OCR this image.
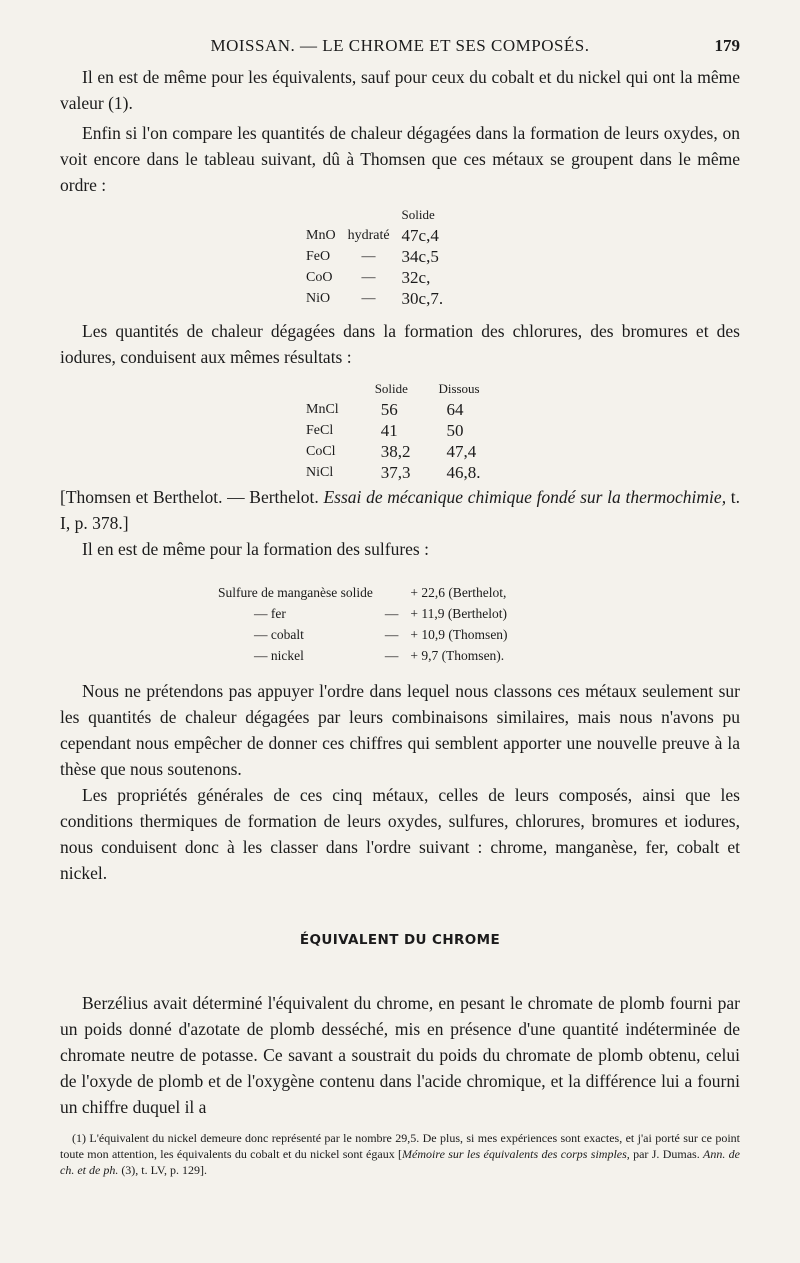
MOISSAN. — LE CHROME ET SES COMPOSÉS.	179

Il en est de même pour les équivalents, sauf pour ceux du cobalt et du nickel qui ont la même valeur (1).

Enfin si l'on compare les quantités de chaleur dégagées dans la formation de leurs oxydes, on voit encore dans le tableau suivant, dû à Thomsen que ces métaux se groupent dans le même ordre :

		Solide
MnO	hydraté	47c,4
FeO	—	34c,5
CoO	—	32c,
NiO	—	30c,7.

Les quantités de chaleur dégagées dans la formation des chlorures, des bromures et des iodures, conduisent aux mêmes résultats :

	Solide	Dissous
MnCl	56	64
FeCl	41	50
CoCl	38,2	47,4
NiCl	37,3	46,8.

[Thomsen et Berthelot. — Berthelot. Essai de mécanique chimique fondé sur la thermochimie, t. I, p. 378.]

Il en est de même pour la formation des sulfures :

Sulfure de manganèse solide		+ 22,6 (Berthelot,
— fer	—	+ 11,9 (Berthelot)
— cobalt	—	+ 10,9 (Thomsen)
— nickel	—	+ 9,7 (Thomsen).

Nous ne prétendons pas appuyer l'ordre dans lequel nous classons ces métaux seulement sur les quantités de chaleur dégagées par leurs combinaisons similaires, mais nous n'avons pu cependant nous empêcher de donner ces chiffres qui semblent apporter une nouvelle preuve à la thèse que nous soutenons.

Les propriétés générales de ces cinq métaux, celles de leurs composés, ainsi que les conditions thermiques de formation de leurs oxydes, sulfures, chlorures, bromures et iodures, nous conduisent donc à les classer dans l'ordre suivant : chrome, manganèse, fer, cobalt et nickel.

ÉQUIVALENT DU CHROME

Berzélius avait déterminé l'équivalent du chrome, en pesant le chromate de plomb fourni par un poids donné d'azotate de plomb desséché, mis en présence d'une quantité indéterminée de chromate neutre de potasse. Ce savant a soustrait du poids du chromate de plomb obtenu, celui de l'oxyde de plomb et de l'oxygène contenu dans l'acide chromique, et la différence lui a fourni un chiffre duquel il a

(1) L'équivalent du nickel demeure donc représenté par le nombre 29,5. De plus, si mes expériences sont exactes, et j'ai porté sur ce point toute mon attention, les équivalents du cobalt et du nickel sont égaux [Mémoire sur les équivalents des corps simples, par J. Dumas. Ann. de ch. et de ph. (3), t. LV, p. 129].
